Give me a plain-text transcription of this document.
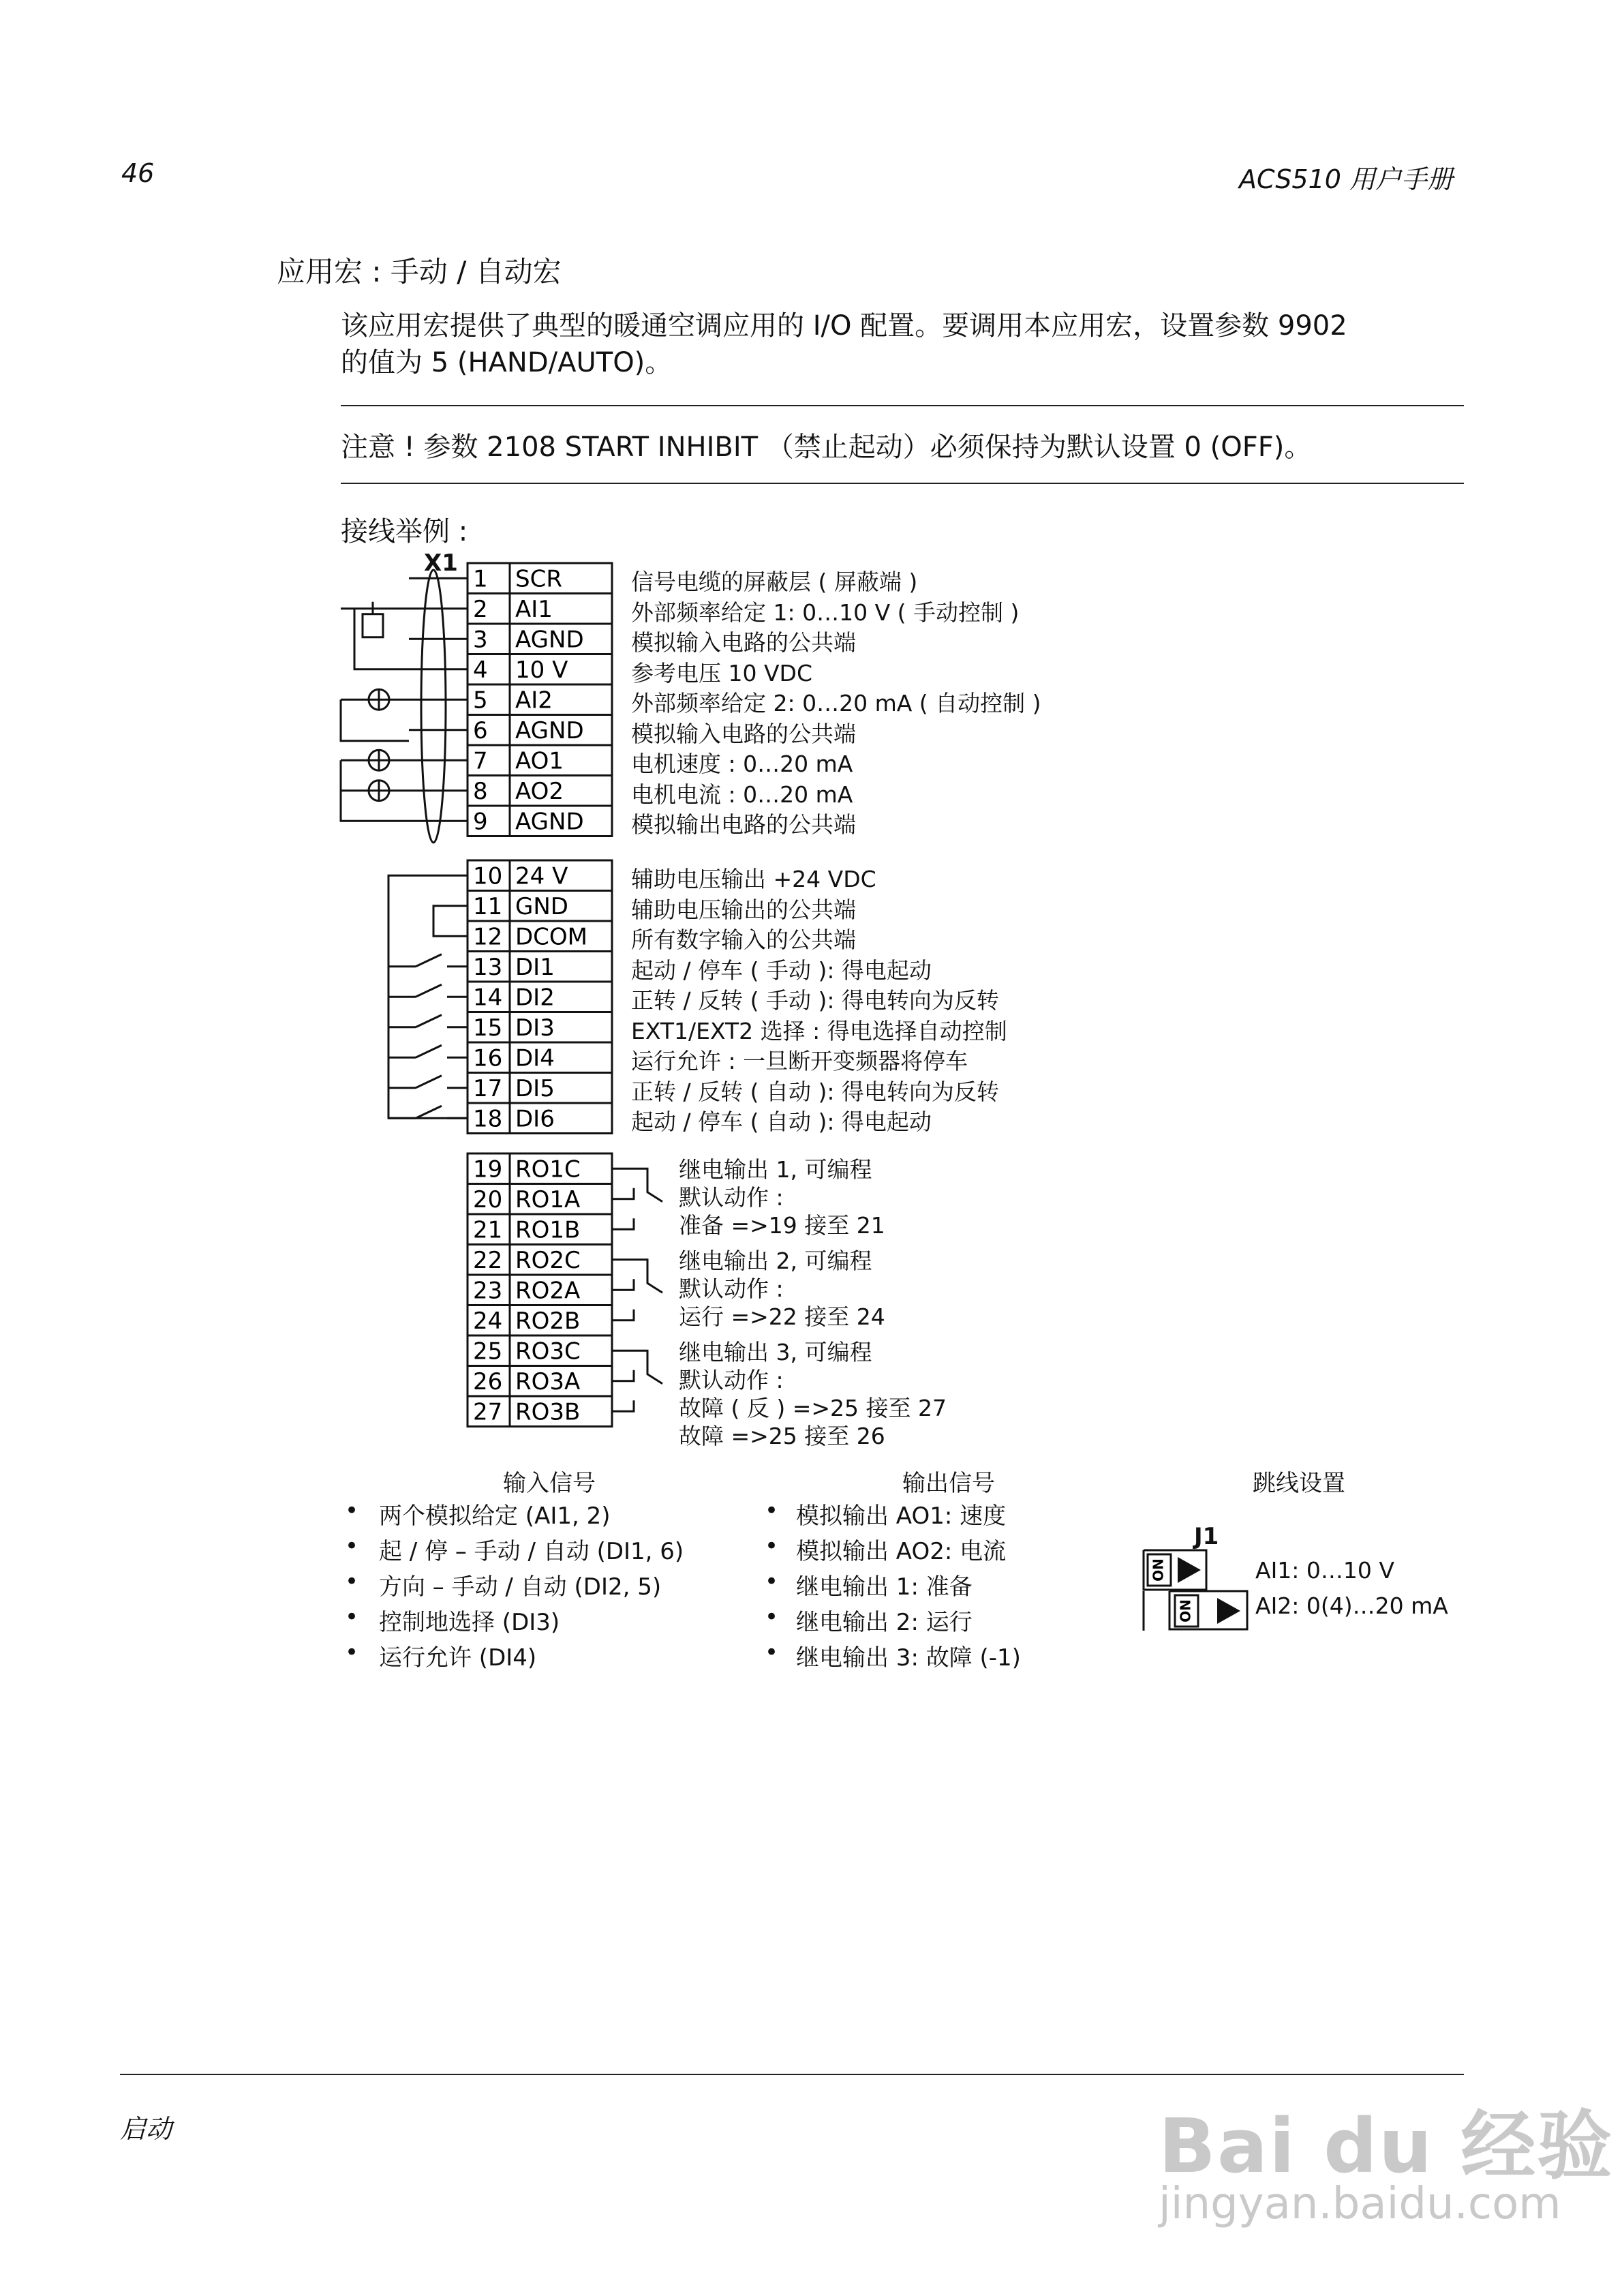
46	ACS510 用户手册
应用宏 : 手动 / 自动宏
该应用宏提供了典型的暖通空调应用的 I/O 配置。要调用本应用宏，设置参数 9902
的值为 5 (HAND/AUTO)。
注意 ! 参数 2108 START INHIBIT （禁止起动）必须保持为默认设置 0 (OFF)。
接线举例 :
1 SCR
2 AI1
3 AGND
4 10 V
5 AI2
6 AGND
7 AO1
8 AO2
9 AGND
10 24 V
11 GND
12 DCOM
13 DI1
14 DI2
15 DI3
16 DI4
17 DI5
18 DI6
19 RO1C
20 RO1A
21 RO1B
22 RO2C
23 RO2A
24 RO2B
25 RO3C
26 RO3A
27 RO3B
X1
信号电缆的屏蔽层 ( 屏蔽端 )
外部频率给定 1: 0…10 V ( 手动控制 )
模拟输入电路的公共端
参考电压 10 VDC
外部频率给定 2: 0…20 mA ( 自动控制 )
模拟输入电路的公共端
电机速度 : 0…20 mA
电机电流 : 0…20 mA
模拟输出电路的公共端
辅助电压输出 +24 VDC
辅助电压输出的公共端
所有数字输入的公共端
起动 / 停车 ( 手动 ): 得电起动
正转 / 反转 ( 手动 ): 得电转向为反转
EXT1/EXT2 选择 : 得电选择自动控制
运行允许 : 一旦断开变频器将停车
正转 / 反转 ( 自动 ): 得电转向为反转
起动 / 停车 ( 自动 ): 得电起动
继电输出 1, 可编程
默认动作 :
准备 =>19 接至 21
继电输出 2, 可编程
默认动作 :
运行 =>22 接至 24
继电输出 3, 可编程
默认动作 :
故障 ( 反 ) =>25 接至 27
故障 =>25 接至 26
输入信号
• 两个模拟给定 (AI1, 2)
• 起 / 停 – 手动 / 自动 (DI1, 6)
• 方向 – 手动 / 自动 (DI2, 5)
• 控制地选择 (DI3)
• 运行允许 (DI4)
输出信号
• 模拟输出 AO1: 速度
• 模拟输出 AO2: 电流
• 继电输出 1: 准备
• 继电输出 2: 运行
• 继电输出 3: 故障 (-1)
跳线设置
J1
ON
ON
AI1: 0…10 V
AI2: 0(4)…20 mA
启动	Bai du 经验
jingyan.baidu.com
